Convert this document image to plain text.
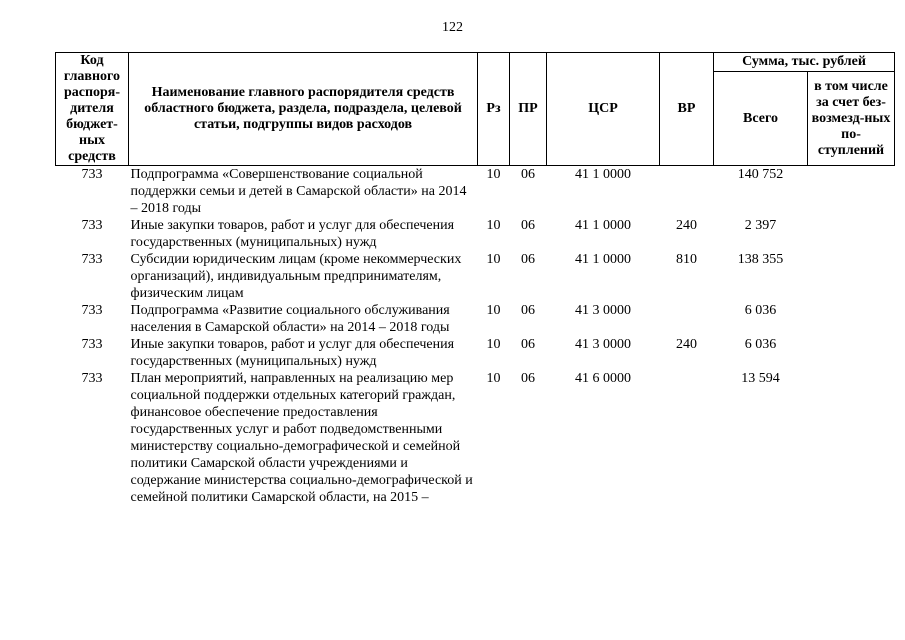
122
Код главного распоря-дителя бюджет-ных средств	Наименование главного распорядителя средств областного бюджета, раздела, подраздела, целевой статьи, подгруппы видов расходов	Рз	ПР	ЦСР	ВР	Сумма, тыс. рублей	
						Всего	в том числе за счет без-возмезд-ных по-ступлений
733	Подпрограмма «Совершенствование социальной поддержки семьи и детей в Самарской области» на 2014 – 2018 годы	10	06	41 1 0000		140 752	
733	Иные закупки товаров, работ и услуг для обеспечения государственных (муниципальных) нужд	10	06	41 1 0000	240	2 397	
733	Субсидии юридическим лицам (кроме некоммерческих организаций), индивидуальным предпринимателям, физическим лицам	10	06	41 1 0000	810	138 355	
733	Подпрограмма «Развитие социального обслуживания населения в Самарской области» на 2014 – 2018 годы	10	06	41 3 0000		6 036	
733	Иные закупки товаров, работ и услуг для обеспечения государственных (муниципальных) нужд	10	06	41 3 0000	240	6 036	
733	План мероприятий, направленных на реализацию мер социальной поддержки отдельных категорий граждан, финансовое обеспечение предоставления государственных услуг и работ подведомственными министерству социально-демографической и семейной политики Самарской области учреждениями и содержание министерства социально-демографической и семейной политики Самарской области, на 2015 –	10	06	41 6 0000		13 594	
